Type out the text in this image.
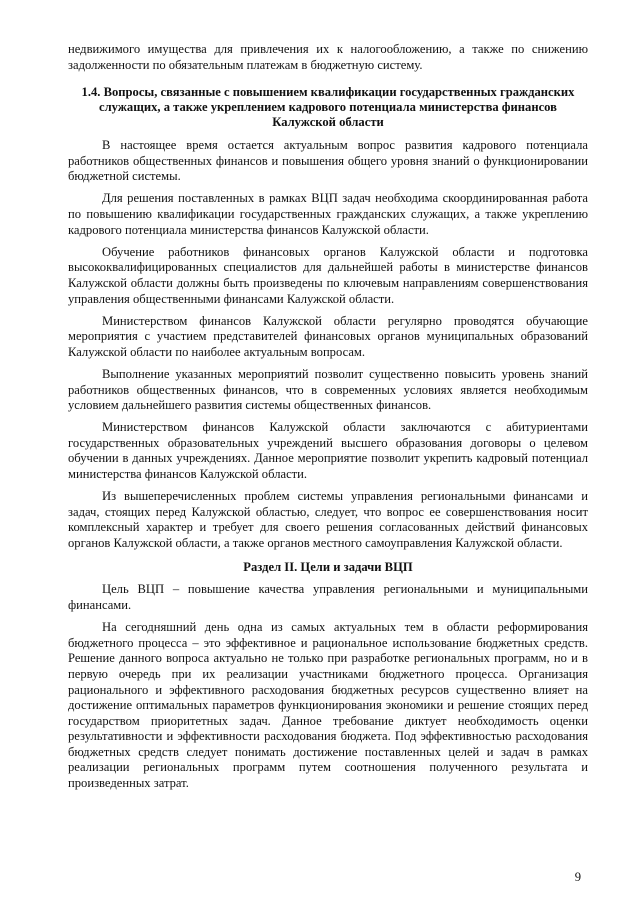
недвижимого имущества для привлечения их к налогообложению, а также по снижению задолженности по обязательным платежам в бюджетную систему.

1.4. Вопросы, связанные с повышением квалификации государственных гражданских служащих, а также укреплением кадрового потенциала министерства финансов Калужской области

В настоящее время остается актуальным вопрос развития кадрового потенциала работников общественных финансов и повышения общего уровня знаний о функционировании бюджетной системы.

Для решения поставленных в рамках ВЦП задач необходима скоординированная работа по повышению квалификации государственных гражданских служащих, а также укреплению кадрового потенциала министерства финансов Калужской области.

Обучение работников финансовых органов Калужской области и подготовка высококвалифицированных специалистов для дальнейшей работы в министерстве финансов Калужской области должны быть произведены по ключевым направлениям совершенствования управления общественными финансами Калужской области.

Министерством финансов Калужской области регулярно проводятся обучающие мероприятия с участием представителей финансовых органов муниципальных образований Калужской области по наиболее актуальным вопросам.

Выполнение указанных мероприятий позволит существенно повысить уровень знаний работников общественных финансов, что в современных условиях является необходимым условием дальнейшего развития системы общественных финансов.

Министерством финансов Калужской области заключаются с абитуриентами государственных образовательных учреждений высшего образования договоры о целевом обучении в данных учреждениях. Данное мероприятие позволит укрепить кадровый потенциал министерства финансов Калужской области.

Из вышеперечисленных проблем системы управления региональными финансами и задач, стоящих перед Калужской областью, следует, что вопрос ее совершенствования носит комплексный характер и требует для своего решения согласованных действий финансовых органов Калужской области, а также органов местного самоуправления Калужской области.

Раздел II. Цели и задачи ВЦП

Цель ВЦП – повышение качества управления региональными и муниципальными финансами.

На сегодняшний день одна из самых актуальных тем в области реформирования бюджетного процесса – это эффективное и рациональное использование бюджетных средств. Решение данного вопроса актуально не только при разработке региональных программ, но и в первую очередь при их реализации участниками бюджетного процесса. Организация рационального и эффективного расходования бюджетных ресурсов существенно влияет на достижение оптимальных параметров функционирования экономики и решение стоящих перед государством приоритетных задач. Данное требование диктует необходимость оценки результативности и эффективности расходования бюджета. Под эффективностью расходования бюджетных средств следует понимать достижение поставленных целей и задач в рамках реализации региональных программ путем соотношения полученного результата и произведенных затрат.

9
